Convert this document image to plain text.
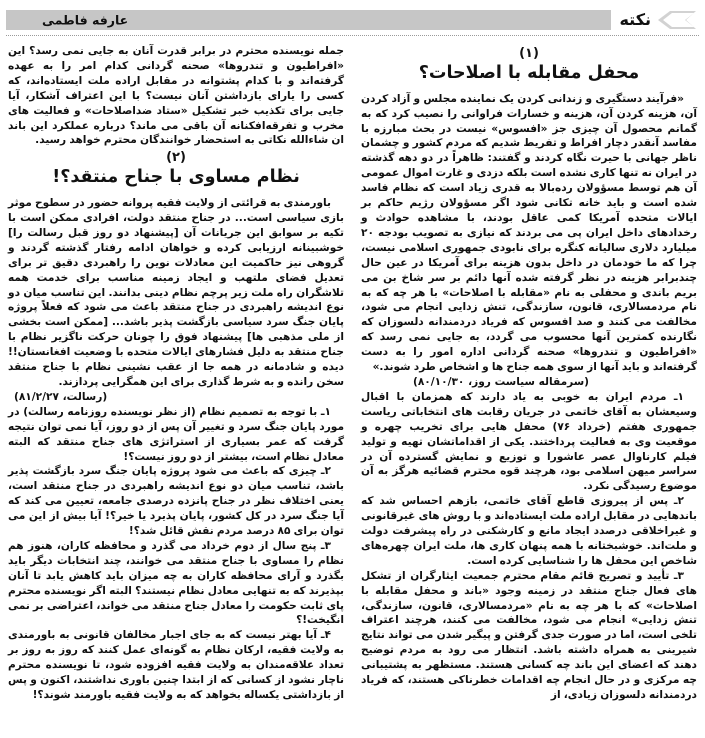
نكته
عارفه فاطمی
(۱)
محفل مقابله با اصلاحات؟

«فرآیند دستگیری و زندانی کردن یک نماینده مجلس و آزاد کردن آن، هزینه کردن آن، هزینه و خسارات فراوانی را نصیب کرد که به گمانم محصول آن چیزی جز «افسوس» نیست در بحث مبارزه با مفاسد آنقدر دچار افراط و تفریط شدیم که مردم کشور و چشمان ناظر جهانی با حیرت نگاه کردند و گفتند: ظاهراً در دو دهه گذشته در ایران نه تنها کاری نشده است بلکه دزدی و غارت اموال عمومی آن هم توسط مسؤولان رده‌بالا به قدری زیاد است که نظام فاسد شده است و باید خانه تکانی شود اگر مسؤولان رژیم حاکم بر ایالات متحده آمریکا کمی عاقل بودند، با مشاهده حوادث و رخدادهای داخل ایران پی می بردند که نیازی به تصویب بودجه ۲۰ میلیارد دلاری سالیانه کنگره برای نابودی جمهوری اسلامی نیست، چرا که ما خودمان در داخل بدون هزینه برای آمریکا در عین حال چندبرابر هزینه در نظر گرفته شده آنها دائم بر سر شاخ بن می بریم باندی و محفلی به نام «مقابله با اصلاحات» با هر چه که به نام مردمسالاری، قانون، سازندگی، تنش زدایی انجام می شود، مخالفت می کنند و صد افسوس که فریاد دردمندانه دلسوزان که نگارنده کمترین آنها محسوب می گردد، به جایی نمی رسد که «افراطیون و تندروها» صحنه گردانی اداره امور را به دست گرفته‌اند و باید آنها از سوی همه جناح ها و اشخاص طرد شوند.»

(سرمقاله سیاست روز، ۸۰/۱۰/۳۰)

۱ـ مردم ایران به خوبی به یاد دارند که همزمان با اقبال وسیعشان به آقای خاتمی در جریان رقابت های انتخاباتی ریاست جمهوری هفتم (خرداد ۷۶) محفل هایی برای تخریب چهره و موقعیت وی به فعالیت پرداختند. یکی از اقداماتشان تهیه و تولید فیلم کارناوال عصر عاشورا و توزیع و نمایش گسترده آن در سراسر میهن اسلامی بود، هرچند قوه محترم قضائیه هرگز به آن موضوع رسیدگی نکرد.

۲ـ پس از پیروزی قاطع آقای خاتمی، بازهم احساس شد که باندهایی در مقابل اراده ملت ایستاده‌اند و با روش های غیرقانونی و غیراخلاقی درصدد ایجاد مانع و کارشکنی در راه پیشرفت دولت و ملت‌اند. خوشبختانه با همه پنهان کاری ها، ملت ایران چهره‌های شاخص این محفل ها را شناسایی کرده است.

۳ـ تأیید و تصریح قائم مقام محترم جمعیت ایثارگران از تشکل های فعال جناح منتقد در زمینه وجود «باند و محفل مقابله با اصلاحات» که با هر چه به نام «مردمسالاری، قانون، سازندگی، تنش زدایی» انجام می شود، مخالفت می کنند، هرچند اعتراف تلخی است، اما در صورت جدی گرفتن و پیگیر شدن می تواند نتایج شیرینی به همراه داشته باشد. انتظار می رود به مردم توضیح دهند که اعضای این باند چه کسانی هستند. مستظهر به پشتیبانی چه مرکزی و در حال انجام چه اقدامات خطرناکی هستند، که فریاد دردمندانه دلسوزان زیادی، از

جمله نویسنده محترم در برابر قدرت آنان به جایی نمی رسد؟ این «افراطیون و تندروها» صحنه گردانی کدام امر را به عهده گرفته‌اند و با کدام پشتوانه در مقابل اراده ملت ایستاده‌اند، که کسی را یارای بازداشتن آنان نیست؟ با این اعتراف آشکار، آیا جایی برای تکذیب خبر تشکیل «ستاد ضداصلاحات» و فعالیت های مخرب و تفرقه‌افکنانه آن باقی می ماند؟ درباره عملکرد این باند ان شاءالله نکاتی به استحضار خوانندگان محترم خواهد رسید.

(۲)
نظام مساوی با جناح منتقد؟!

باورمندی به قرائتی از ولایت فقیه پروانه حضور در سطوح موثر بازی سیاسی است... در جناح منتقد دولت، افرادی ممکن است با تکیه بر سوابق این جریانات آن [پیشنهاد دو روز قبل رسالت را] خوشبینانه ارزیابی کرده و خواهان ادامه رفتار گذشته گردند و گروهی نیز حاکمیت این معادلات نوین را راهبردی دقیق تر برای تعدیل فضای ملتهب و ایجاد زمینه مناسب برای خدمت همه تلاشگران راه ملت زیر پرچم نظام دینی بدانند. این تناسب میان دو نوع اندیشه راهبردی در جناح منتقد باعث می شود که فعلاً پروژه پایان جنگ سرد سیاسی بازگشت پذیر باشد... [ممکن است بخشی از ملی مذهبی ها] پیشنهاد فوق را چونان حرکت ناگزیر نظام با جناح منتقد به دلیل فشارهای ایالات متحده با وضعیت افغانستان!! دیده و شادمانه در همه جا از عقب نشینی نظام با جناح منتقد سخن رانده و به شرط گذاری برای این همگرایی پردازند.

(رسالت، ۸۱/۲/۲۷)

۱ـ با توجه به تصمیم نظام (از نظر نویسنده روزنامه رسالت) در مورد پایان جنگ سرد و تغییر آن پس از دو روز، آیا نمی توان نتیجه گرفت که عمر بسیاری از استراتژی های جناح منتقد که البته معادل نظام است، بیشتر از دو روز نیست؟!

۲ـ چیزی که باعث می شود پروژه پایان جنگ سرد بازگشت پذیر باشد، تناسب میان دو نوع اندیشه راهبردی در جناح منتقد است، یعنی اختلاف نظر در جناح پانزده درصدی جامعه، تعیین می کند که آیا جنگ سرد در کل کشور، پایان پذیرد یا خیر؟! آیا بیش از این می توان برای ۸۵ درصد مردم نقش قائل شد؟!

۳ـ پنج سال از دوم خرداد می گذرد و محافظه کاران، هنوز هم نظام را مساوی با جناح منتقد می خوانند، چند انتخابات دیگر باید بگذرد و آرای محافظه کاران به چه میزان باید کاهش یابد تا آنان بپذیرند که به تنهایی معادل نظام نیستند؟ البته اگر نویسنده محترم پای ثابت حکومت را معادل جناح منتقد می خواند، اعتراضی بر نمی انگیخت!؟

۴ـ آیا بهتر نیست که به جای اجبار مخالفان قانونی به باورمندی به ولایت فقیه، ارکان نظام به گونه‌ای عمل کنند که روز به روز بر تعداد علاقه‌مندان به ولایت فقیه افزوده شود، تا نویسنده محترم ناچار نشود از کسانی که از ابتدا چنین باوری نداشتند، اکنون و پس از بازداشتی یکساله بخواهد که به ولایت فقیه باورمند شوند؟!
